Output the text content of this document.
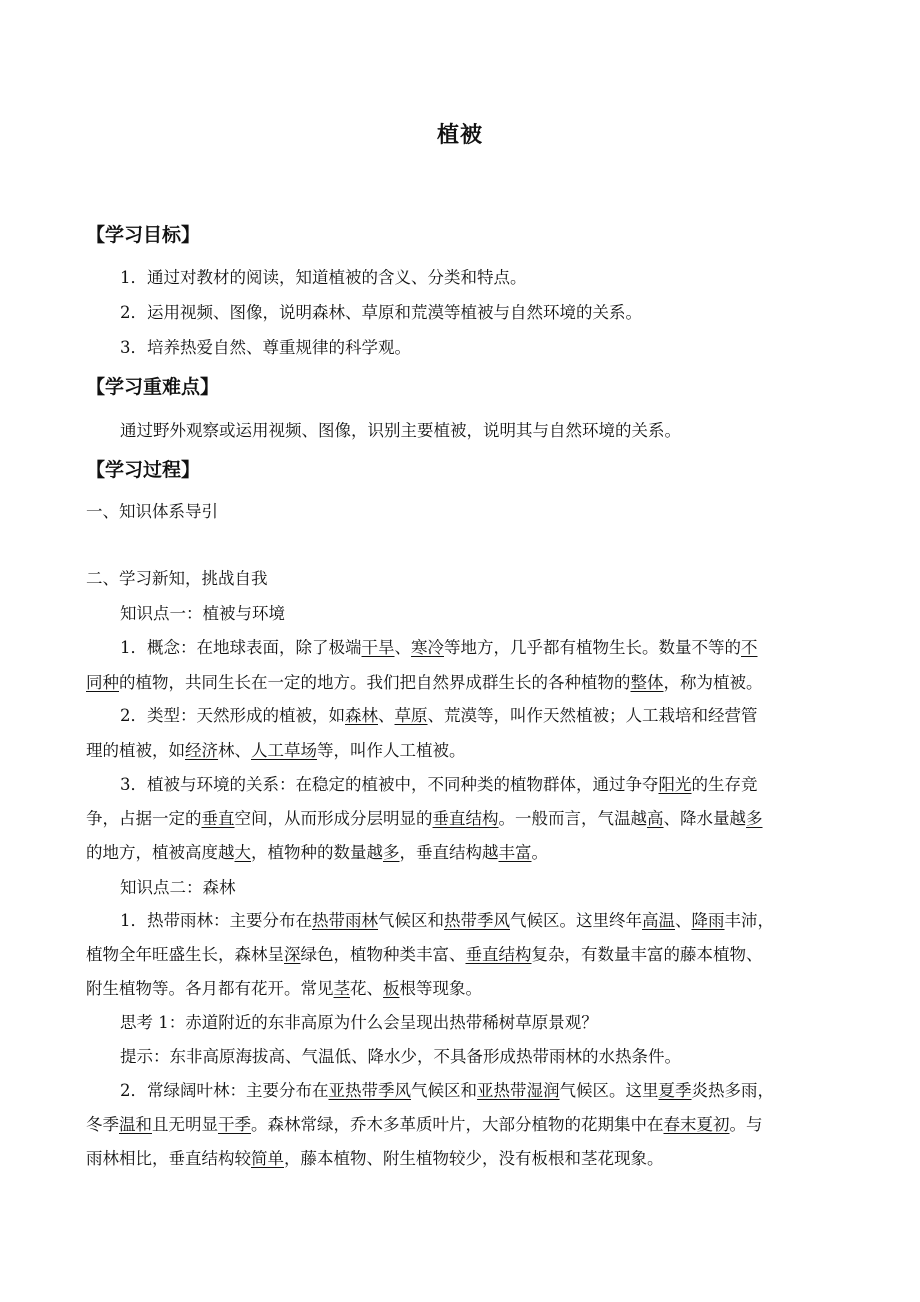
植被
【学习目标】
1．通过对教材的阅读，知道植被的含义、分类和特点。
2．运用视频、图像，说明森林、草原和荒漠等植被与自然环境的关系。
3．培养热爱自然、尊重规律的科学观。
【学习重难点】
通过野外观察或运用视频、图像，识别主要植被，说明其与自然环境的关系。
【学习过程】
一、知识体系导引
二、学习新知，挑战自我
知识点一：植被与环境
1．概念：在地球表面，除了极端干旱、寒冷等地方，几乎都有植物生长。数量不等的不
同种的植物，共同生长在一定的地方。我们把自然界成群生长的各种植物的整体，称为植被。
2．类型：天然形成的植被，如森林、草原、荒漠等，叫作天然植被；人工栽培和经营管
理的植被，如经济林、人工草场等，叫作人工植被。
3．植被与环境的关系：在稳定的植被中，不同种类的植物群体，通过争夺阳光的生存竞
争，占据一定的垂直空间，从而形成分层明显的垂直结构。一般而言，气温越高、降水量越多
的地方，植被高度越大，植物种的数量越多，垂直结构越丰富。
知识点二：森林
1．热带雨林：主要分布在热带雨林气候区和热带季风气候区。这里终年高温、降雨丰沛，
植物全年旺盛生长，森林呈深绿色，植物种类丰富、垂直结构复杂，有数量丰富的藤本植物、
附生植物等。各月都有花开。常见茎花、板根等现象。
思考 1：赤道附近的东非高原为什么会呈现出热带稀树草原景观？
提示：东非高原海拔高、气温低、降水少，不具备形成热带雨林的水热条件。
2．常绿阔叶林：主要分布在亚热带季风气候区和亚热带湿润气候区。这里夏季炎热多雨，
冬季温和且无明显干季。森林常绿，乔木多革质叶片，大部分植物的花期集中在春末夏初。与
雨林相比，垂直结构较简单，藤本植物、附生植物较少，没有板根和茎花现象。
